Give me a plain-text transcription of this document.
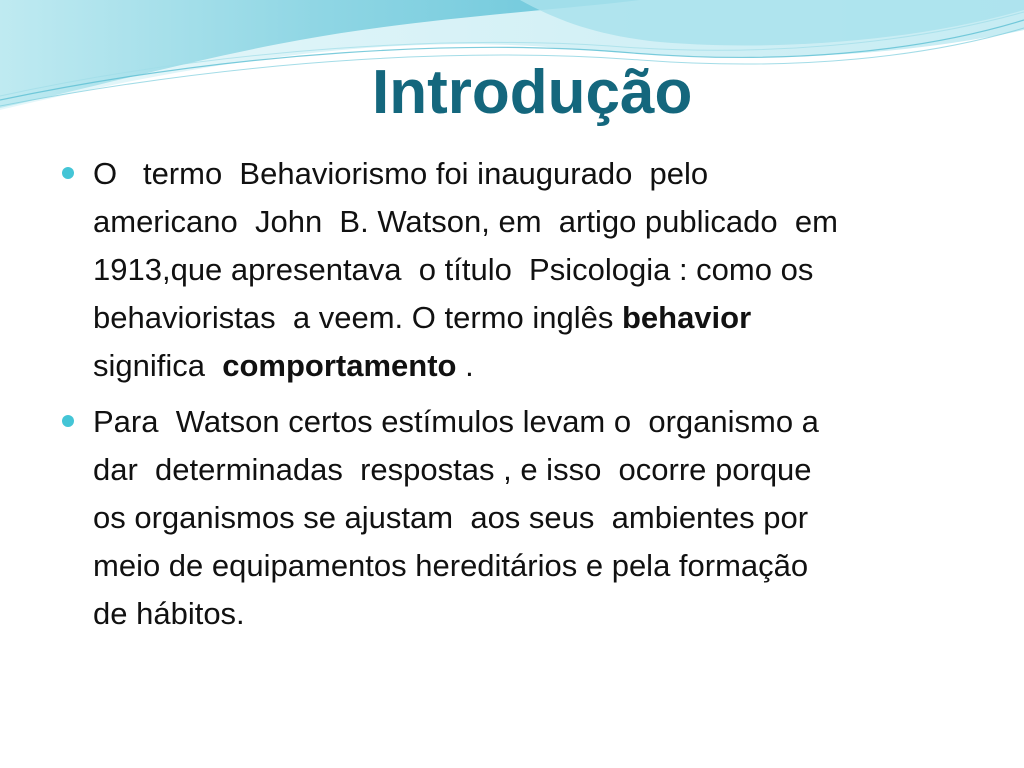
Introdução
O   termo  Behaviorismo foi inaugurado  pelo
americano  John  B. Watson, em  artigo publicado  em
1913,que apresentava  o título  Psicologia : como os
behavioristas  a veem. O termo inglês behavior
significa  comportamento .
Para  Watson certos estímulos levam o  organismo a
dar  determinadas  respostas , e isso  ocorre porque
os organismos se ajustam  aos seus  ambientes por
meio de equipamentos hereditários e pela formação
de hábitos.
